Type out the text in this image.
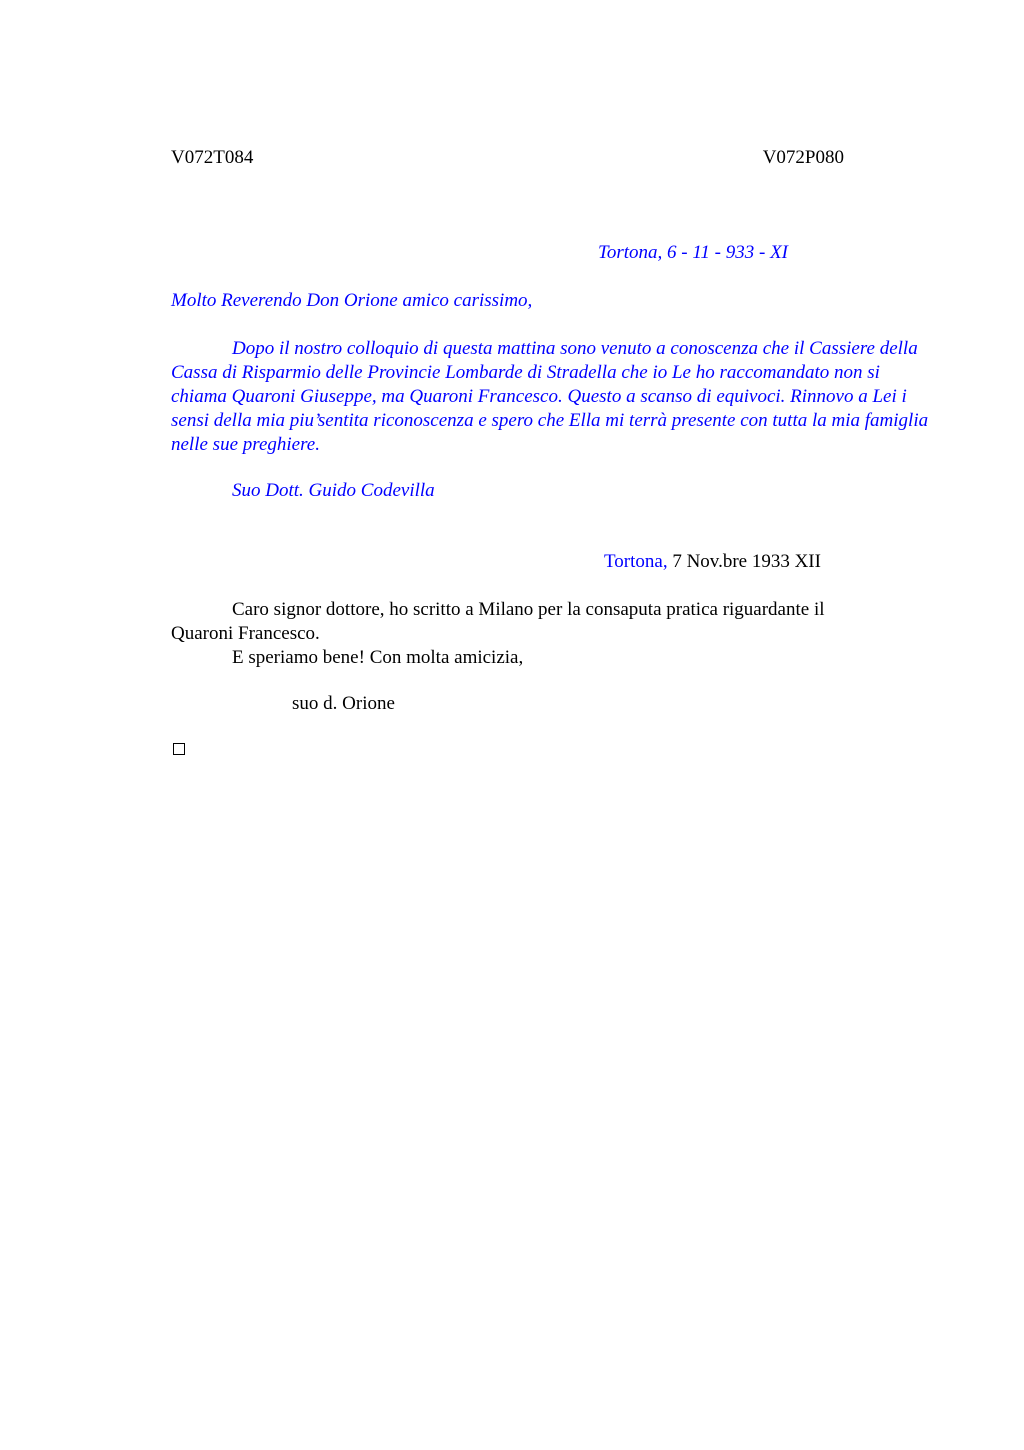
V072T084	V072P080
Tortona, 6 - 11 - 933 - XI
Molto Reverendo Don Orione amico carissimo,
Dopo il nostro colloquio di questa mattina sono venuto a conoscenza che il Cassiere della Cassa di Risparmio delle Provincie Lombarde di Stradella che io Le ho raccomandato non si chiama Quaroni Giuseppe, ma Quaroni Francesco. Questo a scanso di equivoci. Rinnovo a Lei i sensi della mia piu’sentita riconoscenza e spero che Ella mi terrà presente con tutta la mia famiglia nelle sue preghiere.
Suo Dott. Guido Codevilla
Tortona, 7 Nov.bre 1933 XII
Caro signor dottore, ho scritto a Milano per la consaputa pratica riguardante il Quaroni Francesco.
E speriamo bene! Con molta amicizia,
suo d. Orione
